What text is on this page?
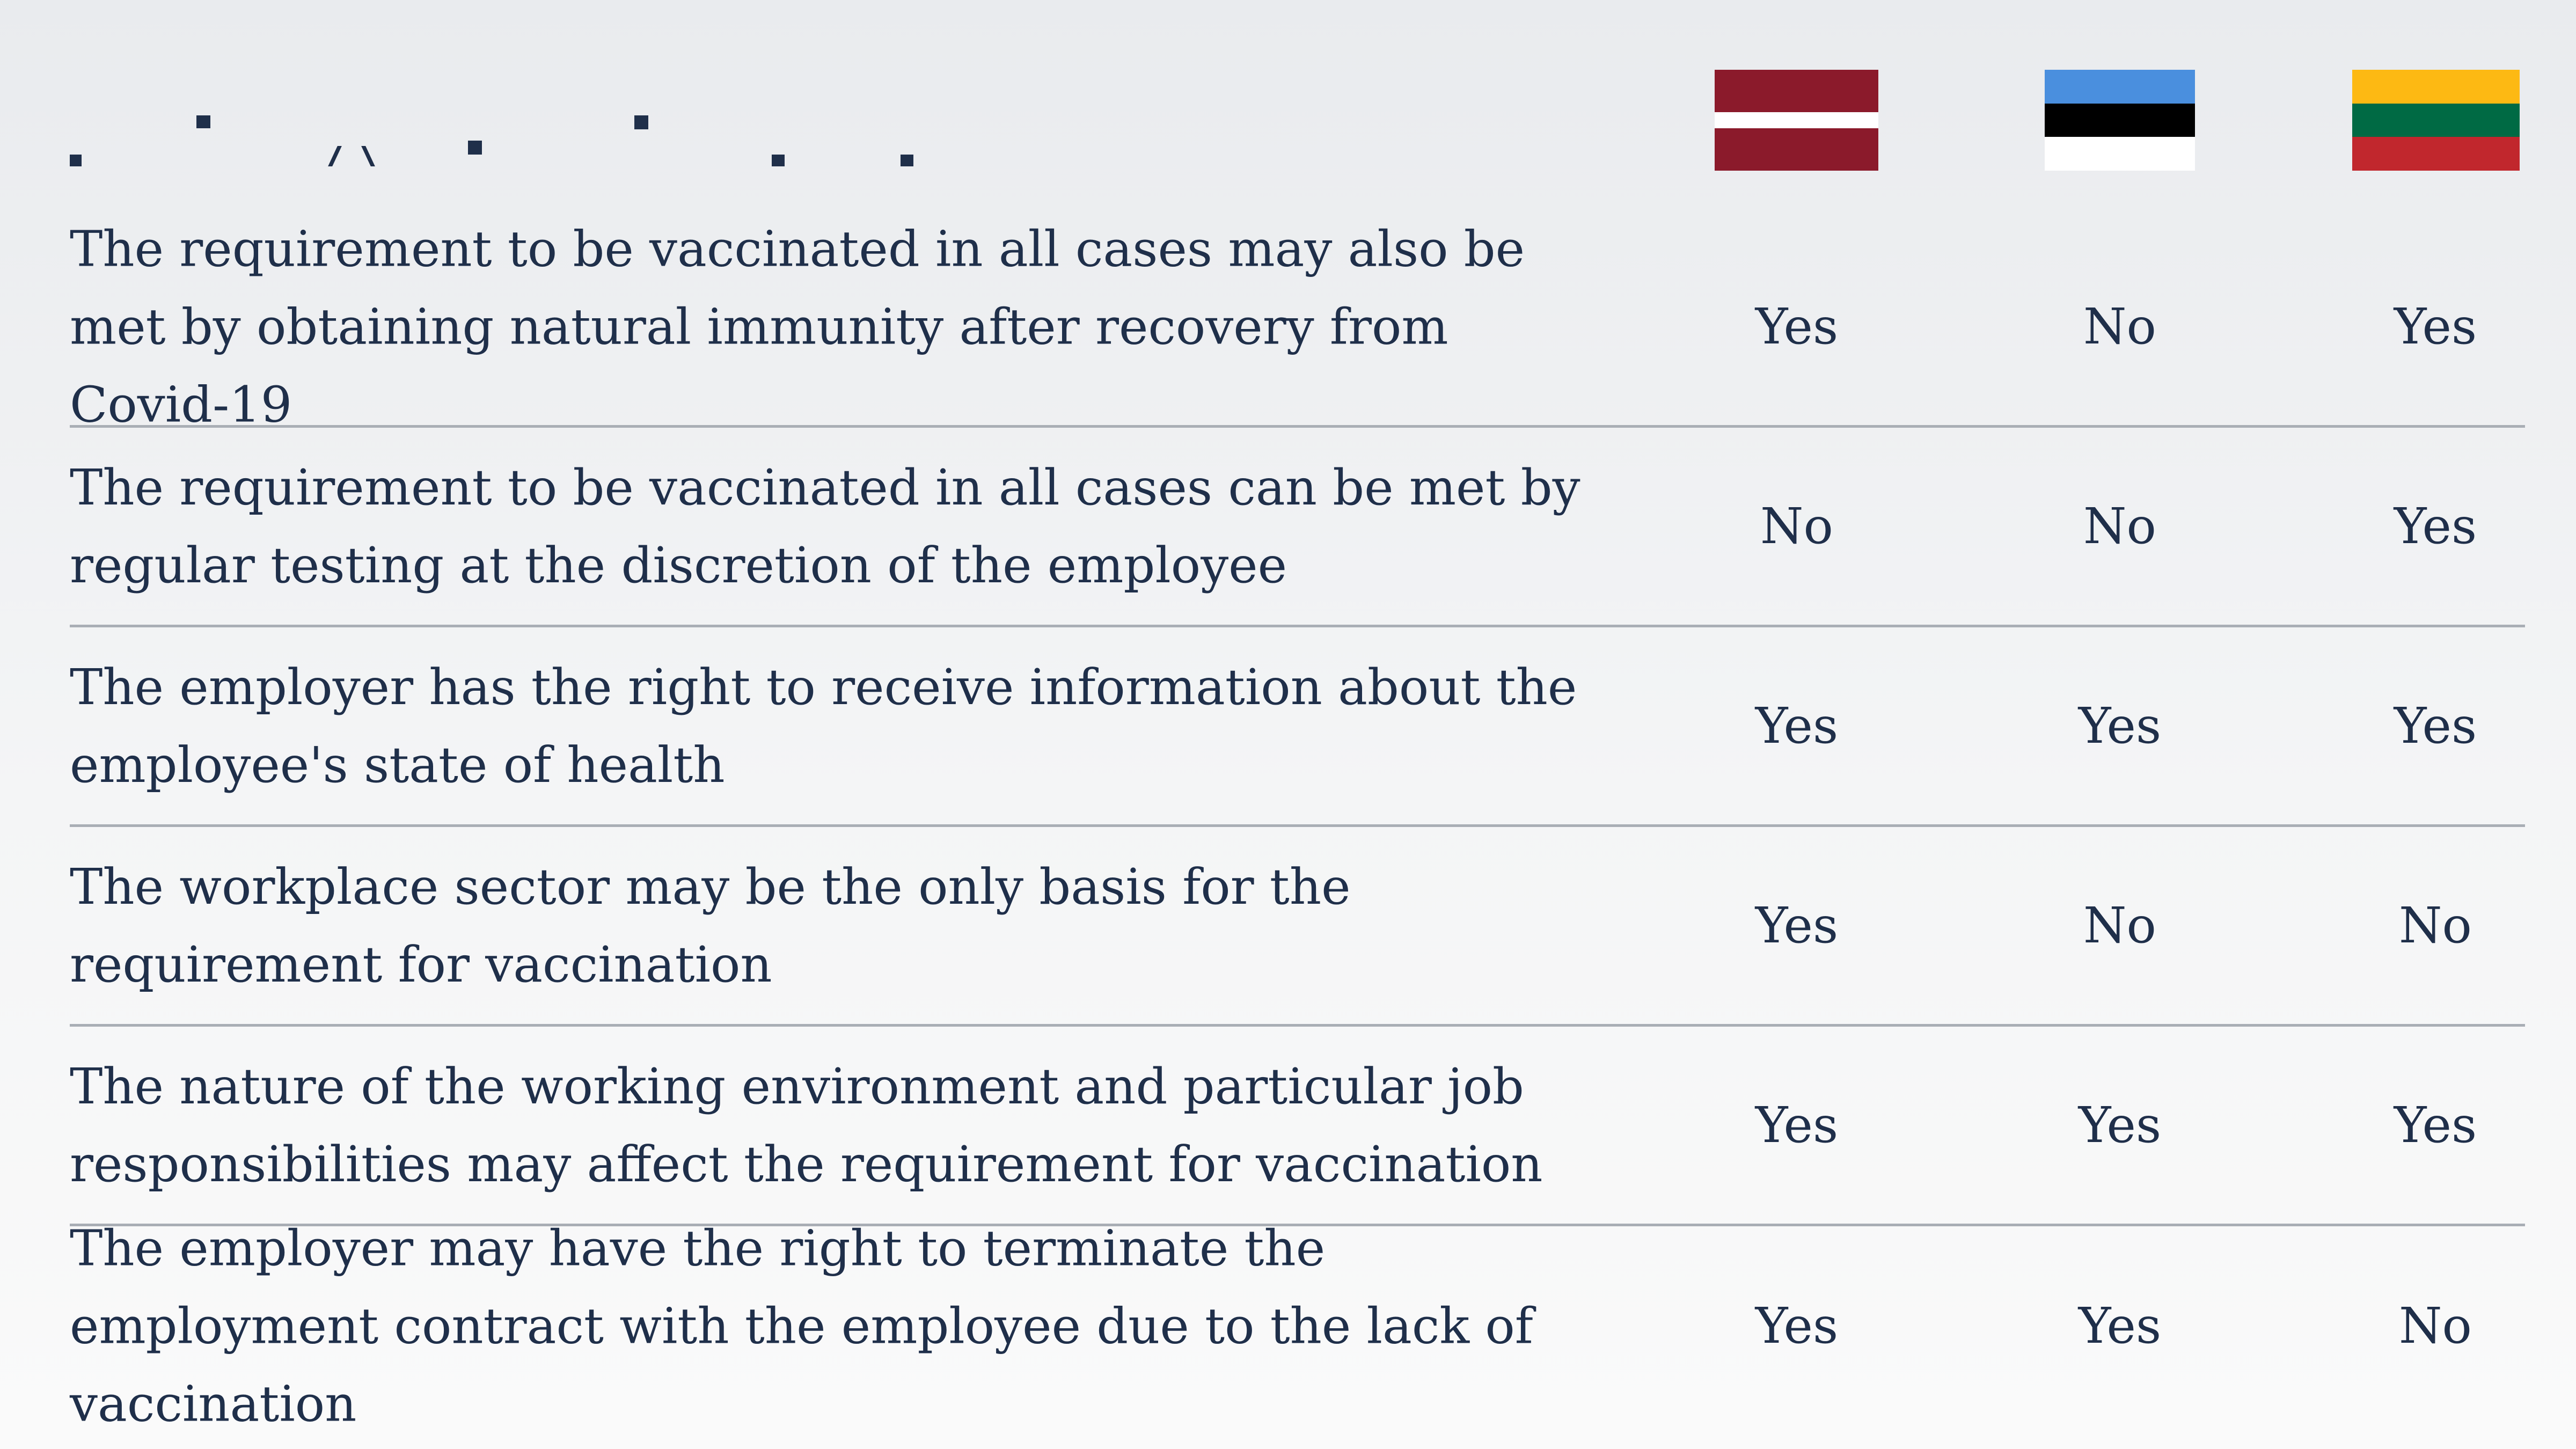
The requirement to be vaccinated in all cases may also be met by obtaining natural immunity after recovery from Covid-19
Yes	No	Yes
The requirement to be vaccinated in all cases can be met by regular testing at the discretion of the employee
No	No	Yes
The employer has the right to receive information about the employee's state of health
Yes	Yes	Yes
The workplace sector may be the only basis for the requirement for vaccination
Yes	No	No
The nature of the working environment and particular job responsibilities may affect the requirement for vaccination
Yes	Yes	Yes
The employer may have the right to terminate the employment contract with the employee due to the lack of vaccination
Yes	Yes	No
